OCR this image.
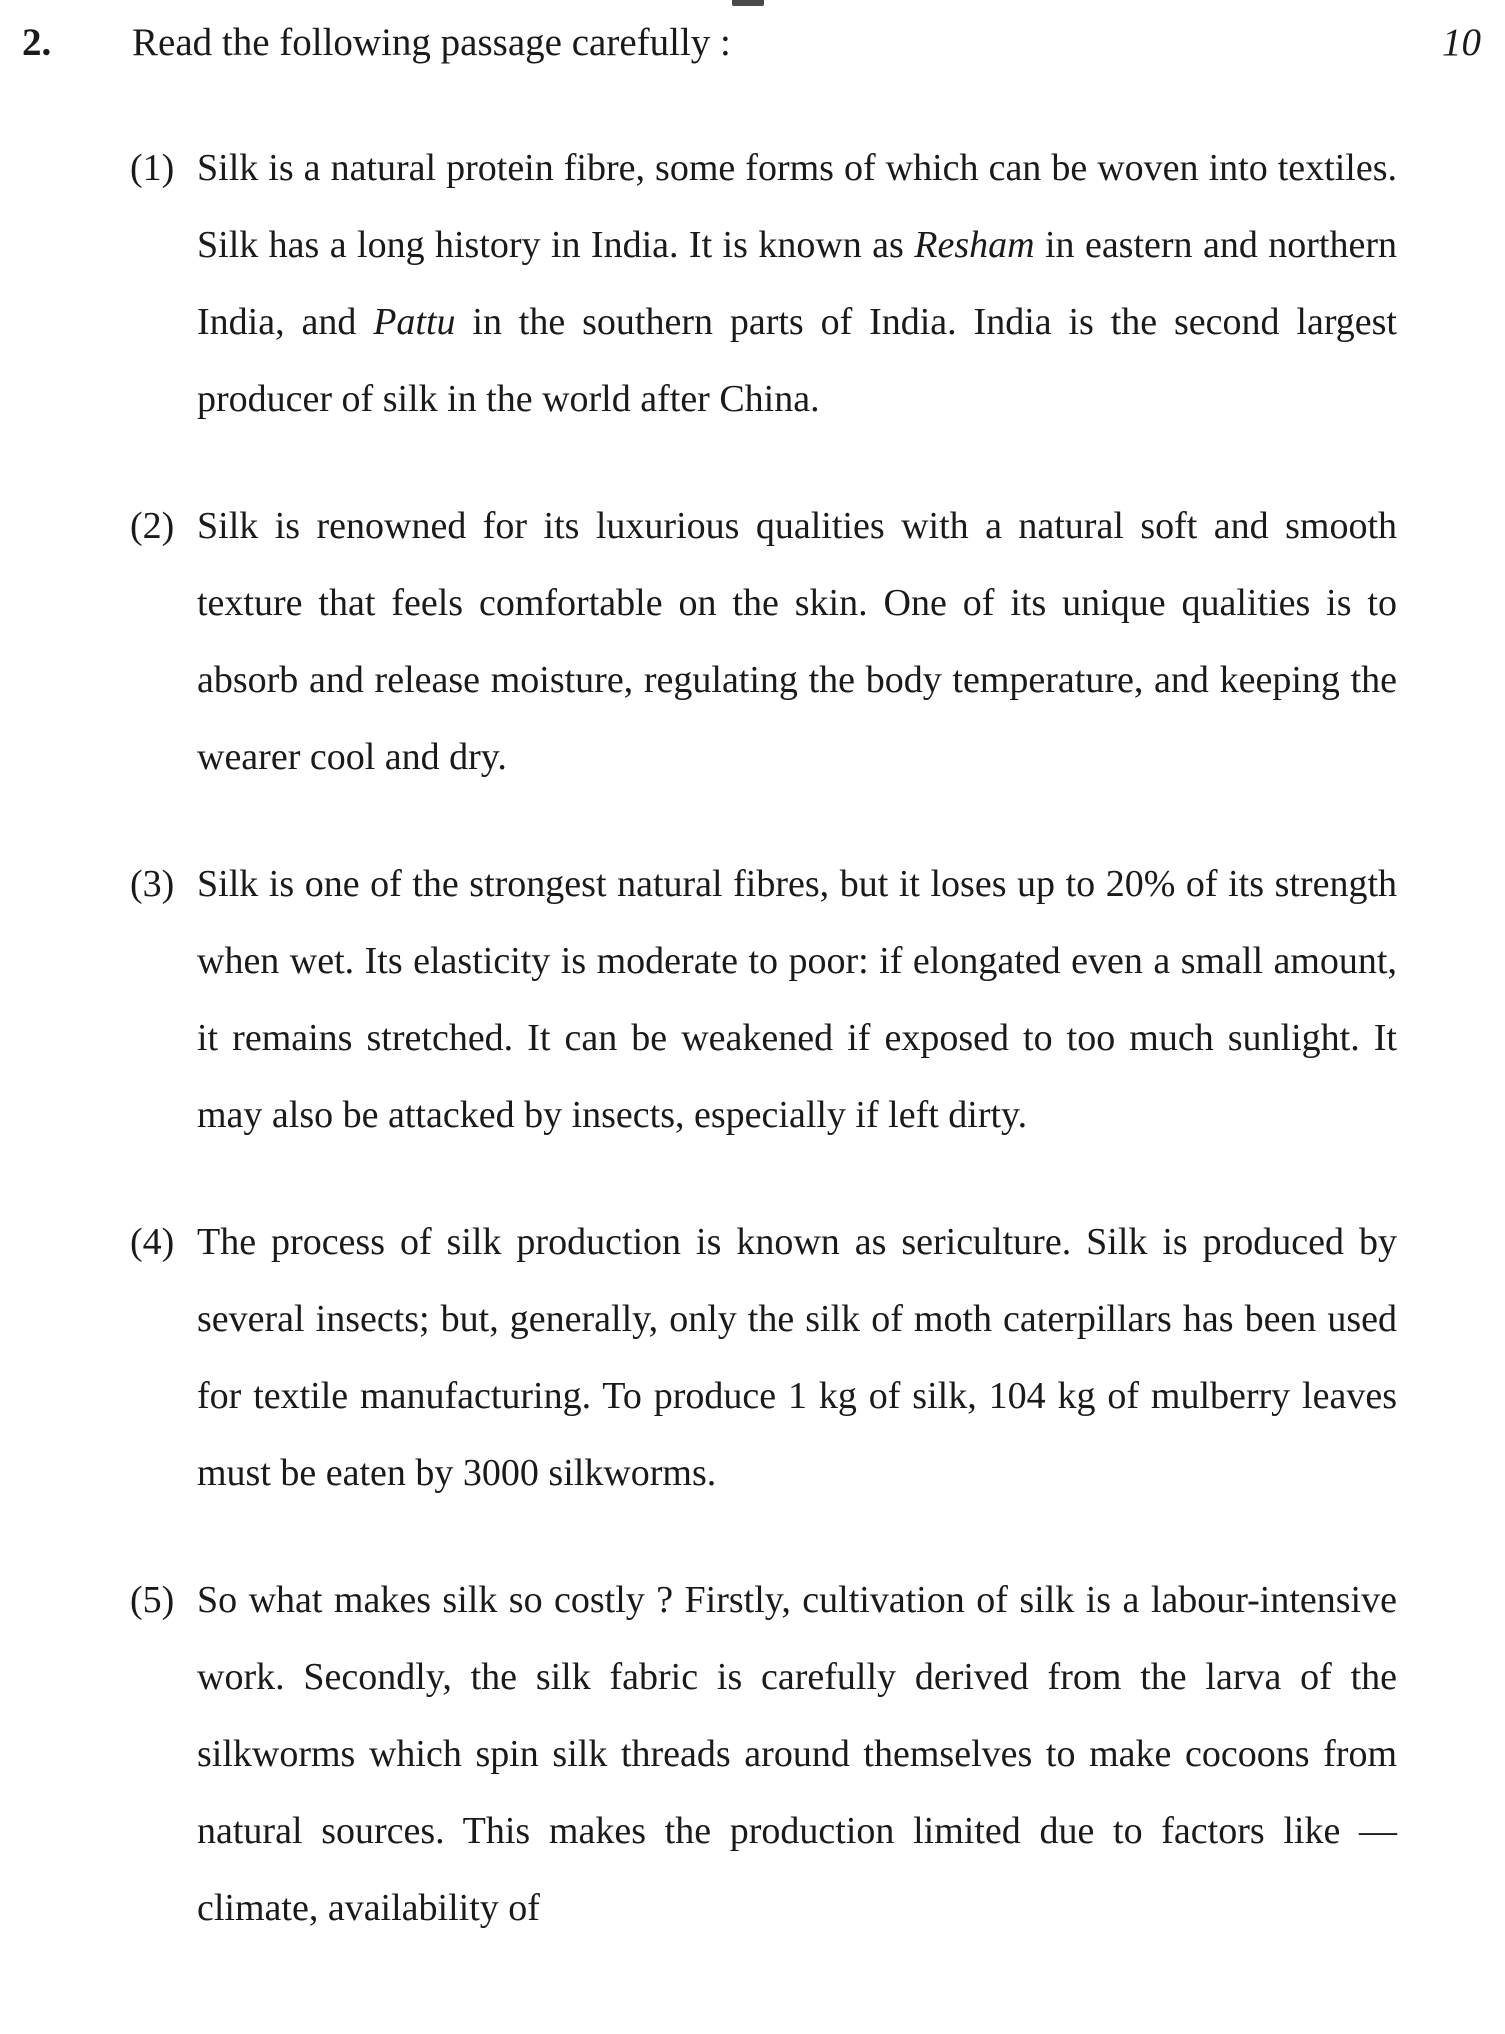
2. Read the following passage carefully :	10
(1) Silk is a natural protein fibre, some forms of which can be woven into textiles. Silk has a long history in India. It is known as Resham in eastern and northern India, and Pattu in the southern parts of India. India is the second largest producer of silk in the world after China.
(2) Silk is renowned for its luxurious qualities with a natural soft and smooth texture that feels comfortable on the skin. One of its unique qualities is to absorb and release moisture, regulating the body temperature, and keeping the wearer cool and dry.
(3) Silk is one of the strongest natural fibres, but it loses up to 20% of its strength when wet. Its elasticity is moderate to poor: if elongated even a small amount, it remains stretched. It can be weakened if exposed to too much sunlight. It may also be attacked by insects, especially if left dirty.
(4) The process of silk production is known as sericulture. Silk is produced by several insects; but, generally, only the silk of moth caterpillars has been used for textile manufacturing. To produce 1 kg of silk, 104 kg of mulberry leaves must be eaten by 3000 silkworms.
(5) So what makes silk so costly ? Firstly, cultivation of silk is a labour-intensive work. Secondly, the silk fabric is carefully derived from the larva of the silkworms which spin silk threads around themselves to make cocoons from natural sources. This makes the production limited due to factors like — climate, availability of
